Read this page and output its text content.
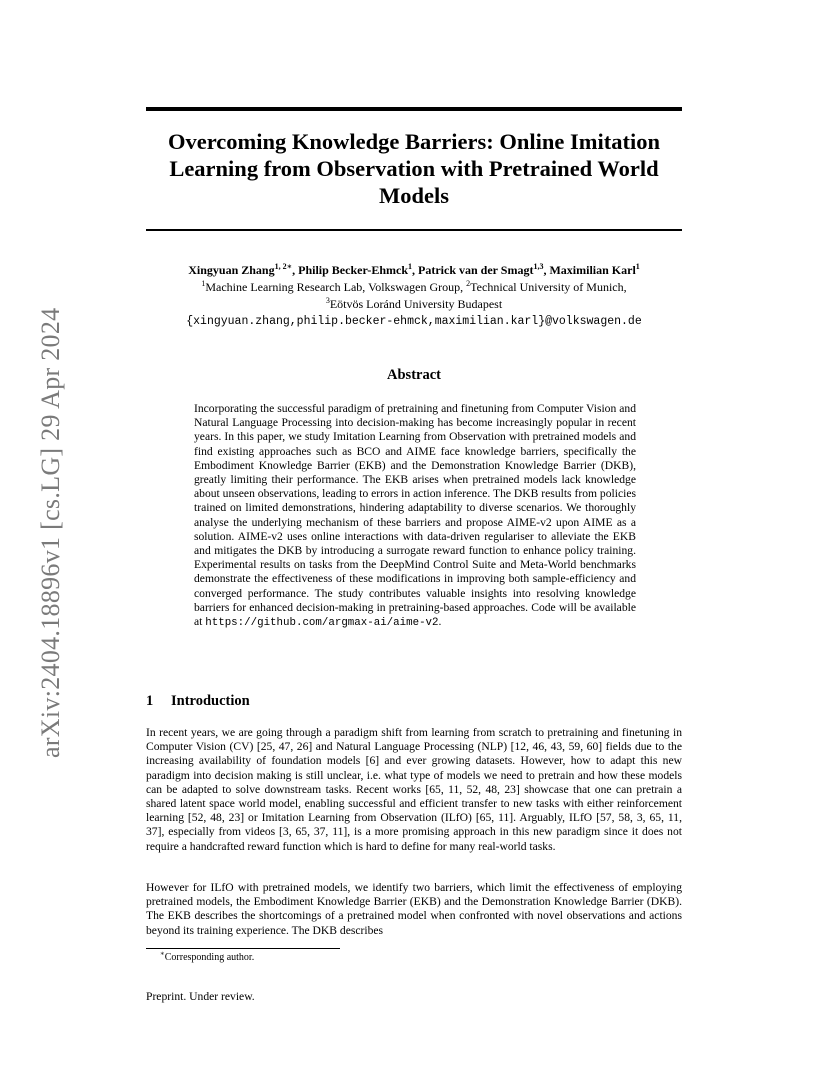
arXiv:2404.18896v1 [cs.LG] 29 Apr 2024
Overcoming Knowledge Barriers: Online Imitation Learning from Observation with Pretrained World Models
Xingyuan Zhang$^{1, 2∗}$, Philip Becker-Ehmck$^1$, Patrick van der Smagt$^{1,3}$, Maximilian Karl$^1$
$^1$Machine Learning Research Lab, Volkswagen Group, $^2$Technical University of Munich,
$^3$Eötvös Loránd University Budapest
{xingyuan.zhang,philip.becker-ehmck,maximilian.karl}@volkswagen.de
Abstract
Incorporating the successful paradigm of pretraining and finetuning from Computer Vision and Natural Language Processing into decision-making has become increasingly popular in recent years. In this paper, we study Imitation Learning from Observation with pretrained models and find existing approaches such as BCO and AIME face knowledge barriers, specifically the Embodiment Knowledge Barrier (EKB) and the Demonstration Knowledge Barrier (DKB), greatly limiting their performance. The EKB arises when pretrained models lack knowledge about unseen observations, leading to errors in action inference. The DKB results from policies trained on limited demonstrations, hindering adaptability to diverse scenarios. We thoroughly analyse the underlying mechanism of these barriers and propose AIME-v2 upon AIME as a solution. AIME-v2 uses online interactions with data-driven regulariser to alleviate the EKB and mitigates the DKB by introducing a surrogate reward function to enhance policy training. Experimental results on tasks from the DeepMind Control Suite and Meta-World benchmarks demonstrate the effectiveness of these modifications in improving both sample-efficiency and converged performance. The study contributes valuable insights into resolving knowledge barriers for enhanced decision-making in pretraining-based approaches. Code will be available at https://github.com/argmax-ai/aime-v2.
1 Introduction
In recent years, we are going through a paradigm shift from learning from scratch to pretraining and finetuning in Computer Vision (CV) [25, 47, 26] and Natural Language Processing (NLP) [12, 46, 43, 59, 60] fields due to the increasing availability of foundation models [6] and ever growing datasets. However, how to adapt this new paradigm into decision making is still unclear, i.e. what type of models we need to pretrain and how these models can be adapted to solve downstream tasks. Recent works [65, 11, 52, 48, 23] showcase that one can pretrain a shared latent space world model, enabling successful and efficient transfer to new tasks with either reinforcement learning [52, 48, 23] or Imitation Learning from Observation (ILfO) [65, 11]. Arguably, ILfO [57, 58, 3, 65, 11, 37], especially from videos [3, 65, 37, 11], is a more promising approach in this new paradigm since it does not require a handcrafted reward function which is hard to define for many real-world tasks.
However for ILfO with pretrained models, we identify two barriers, which limit the effectiveness of employing pretrained models, the Embodiment Knowledge Barrier (EKB) and the Demonstration Knowledge Barrier (DKB). The EKB describes the shortcomings of a pretrained model when confronted with novel observations and actions beyond its training experience. The DKB describes
∗Corresponding author.
Preprint. Under review.
